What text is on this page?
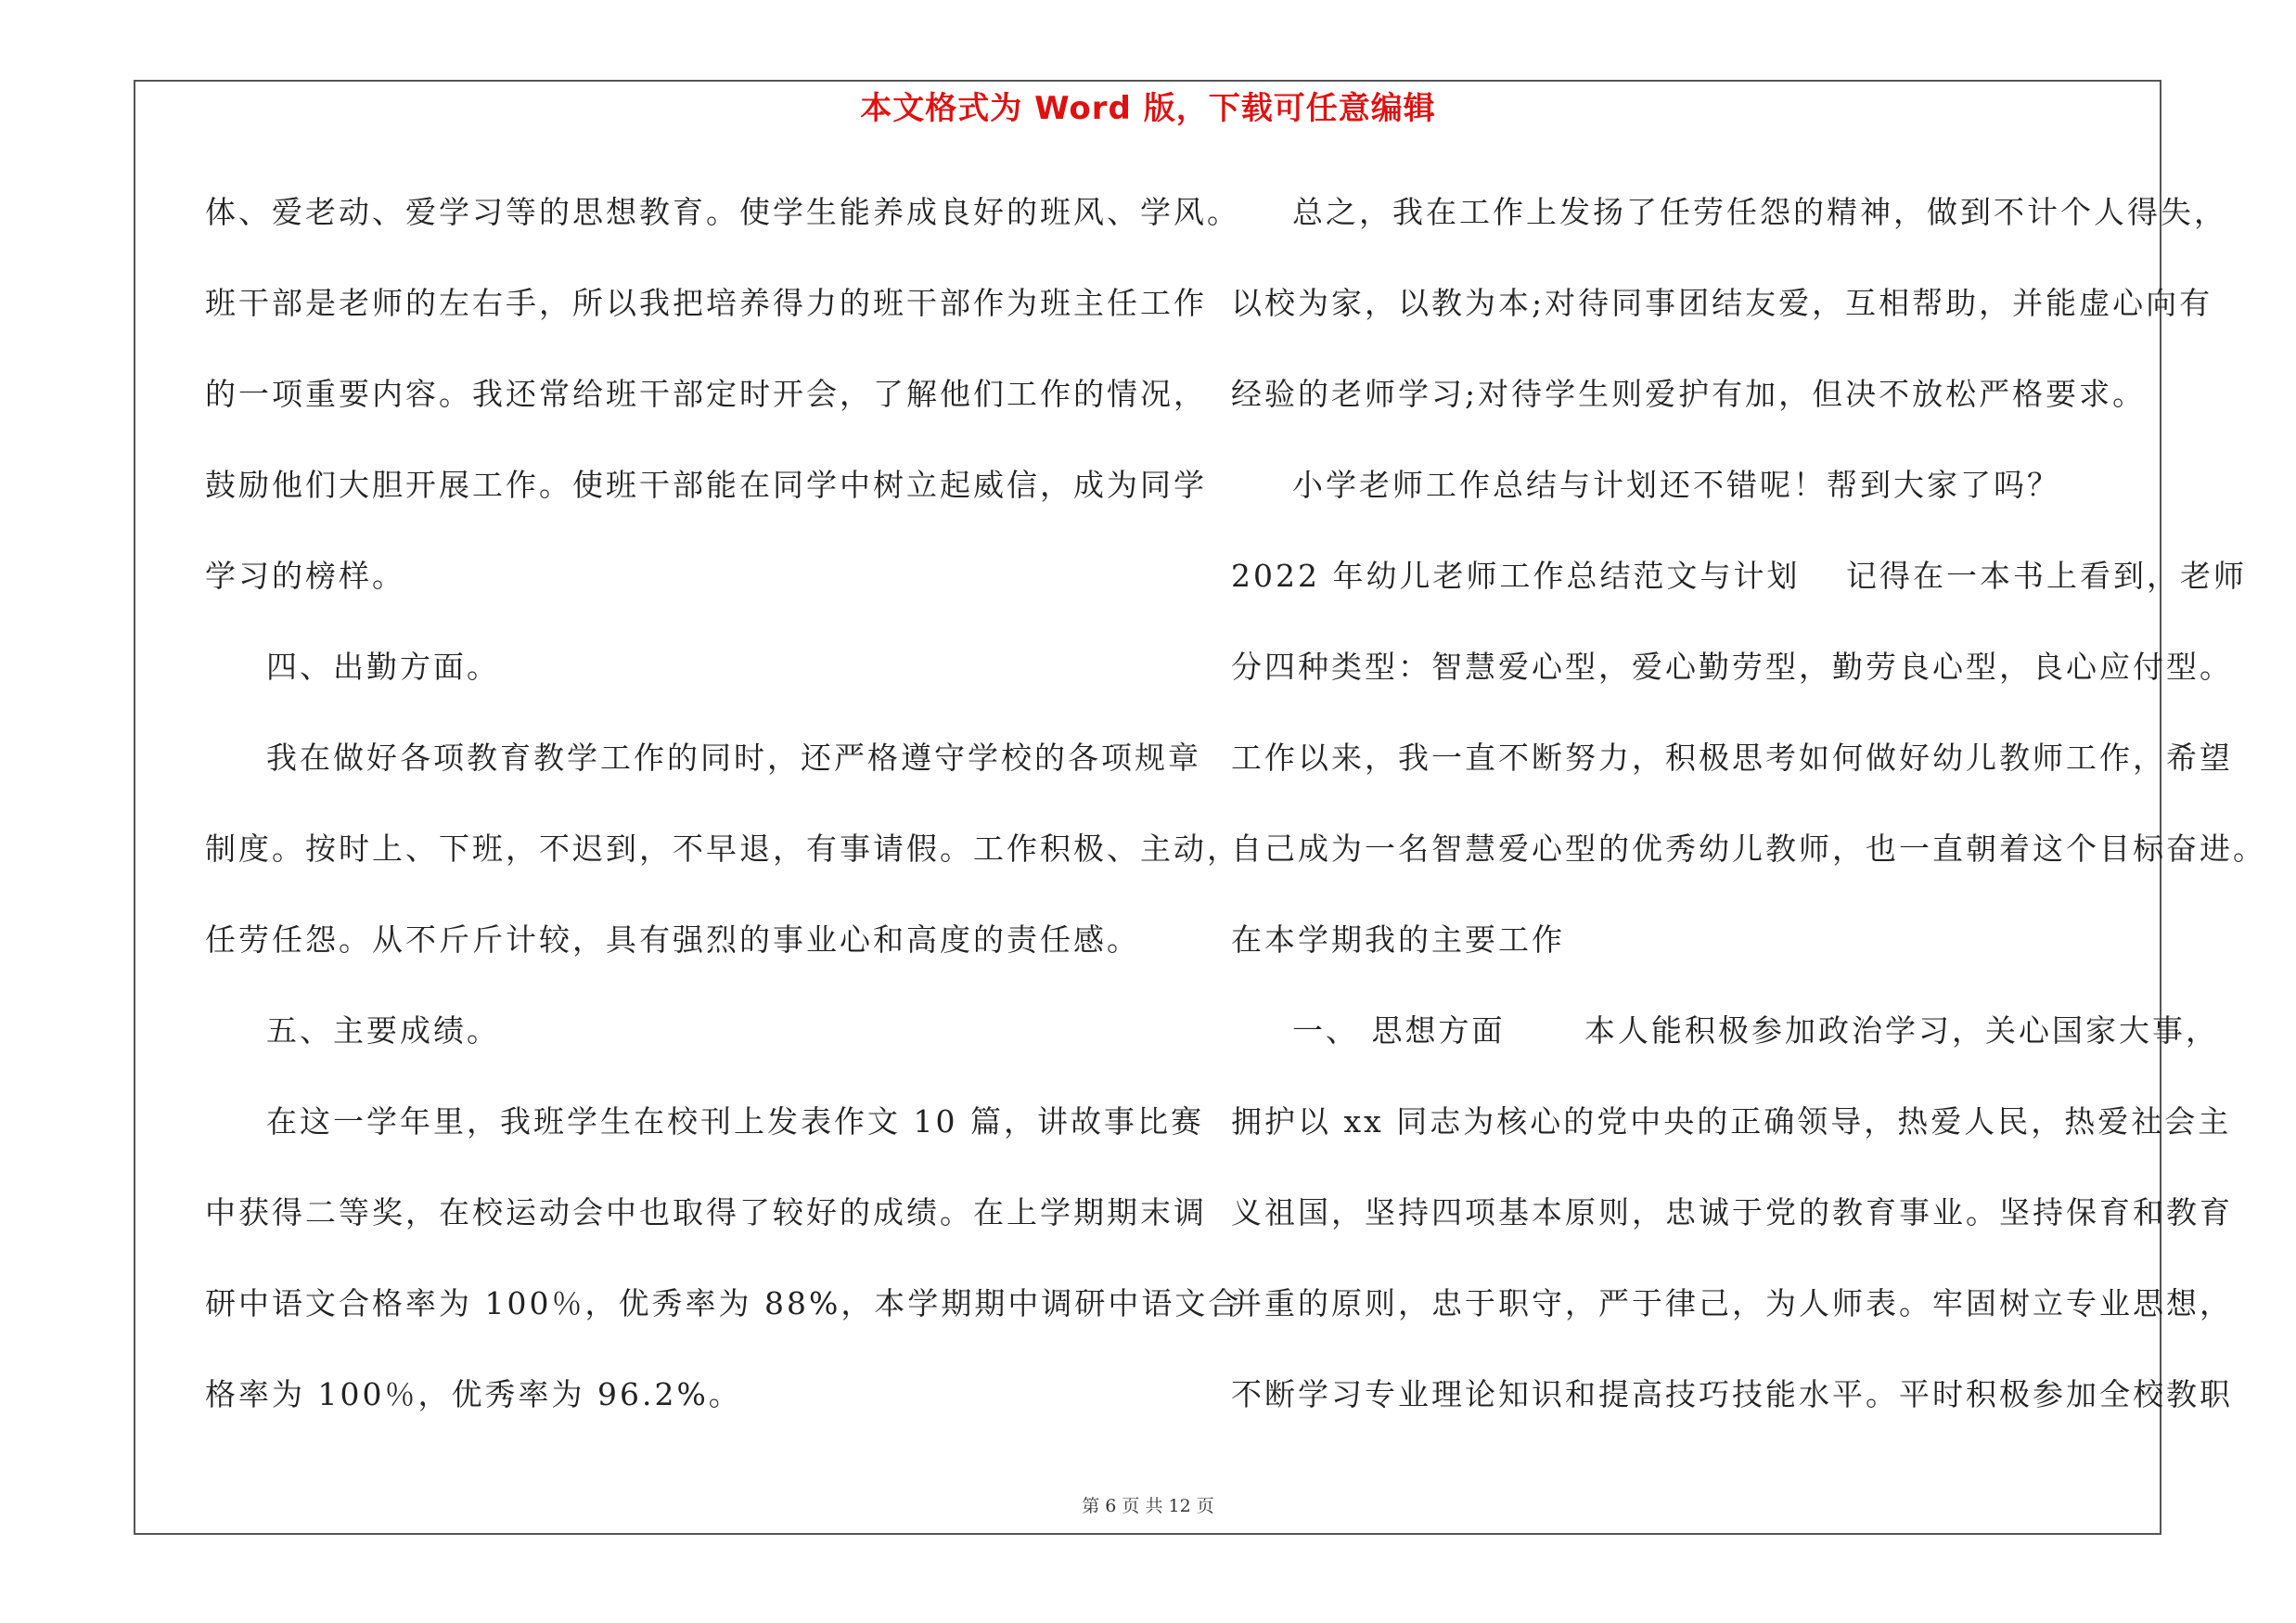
本文格式为 Word 版，下载可任意编辑
体、爱老动、爱学习等的思想教育。使学生能养成良好的班风、学风。
班干部是老师的左右手，所以我把培养得力的班干部作为班主任工作
的一项重要内容。我还常给班干部定时开会，了解他们工作的情况，
鼓励他们大胆开展工作。使班干部能在同学中树立起威信，成为同学
学习的榜样。
四、出勤方面。
我在做好各项教育教学工作的同时，还严格遵守学校的各项规章
制度。按时上、下班，不迟到，不早退，有事请假。工作积极、主动，
任劳任怨。从不斤斤计较，具有强烈的事业心和高度的责任感。
五、主要成绩。
在这一学年里，我班学生在校刊上发表作文 10 篇，讲故事比赛
中获得二等奖，在校运动会中也取得了较好的成绩。在上学期期末调
研中语文合格率为 100％，优秀率为 88%，本学期期中调研中语文合
格率为 100％，优秀率为 96.2%。
总之，我在工作上发扬了任劳任怨的精神，做到不计个人得失，
以校为家，以教为本;对待同事团结友爱，互相帮助，并能虚心向有
经验的老师学习;对待学生则爱护有加，但决不放松严格要求。
小学老师工作总结与计划还不错呢！帮到大家了吗？
2022 年幼儿老师工作总结范文与计划　 记得在一本书上看到，老师
分四种类型：智慧爱心型，爱心勤劳型，勤劳良心型，良心应付型。
工作以来，我一直不断努力，积极思考如何做好幼儿教师工作，希望
自己成为一名智慧爱心型的优秀幼儿教师，也一直朝着这个目标奋进。
在本学期我的主要工作
一、 思想方面　　 本人能积极参加政治学习，关心国家大事，
拥护以 xx 同志为核心的党中央的正确领导，热爱人民，热爱社会主
义祖国，坚持四项基本原则，忠诚于党的教育事业。坚持保育和教育
并重的原则，忠于职守，严于律己，为人师表。牢固树立专业思想，
不断学习专业理论知识和提高技巧技能水平。平时积极参加全校教职
第 6 页 共 12 页
